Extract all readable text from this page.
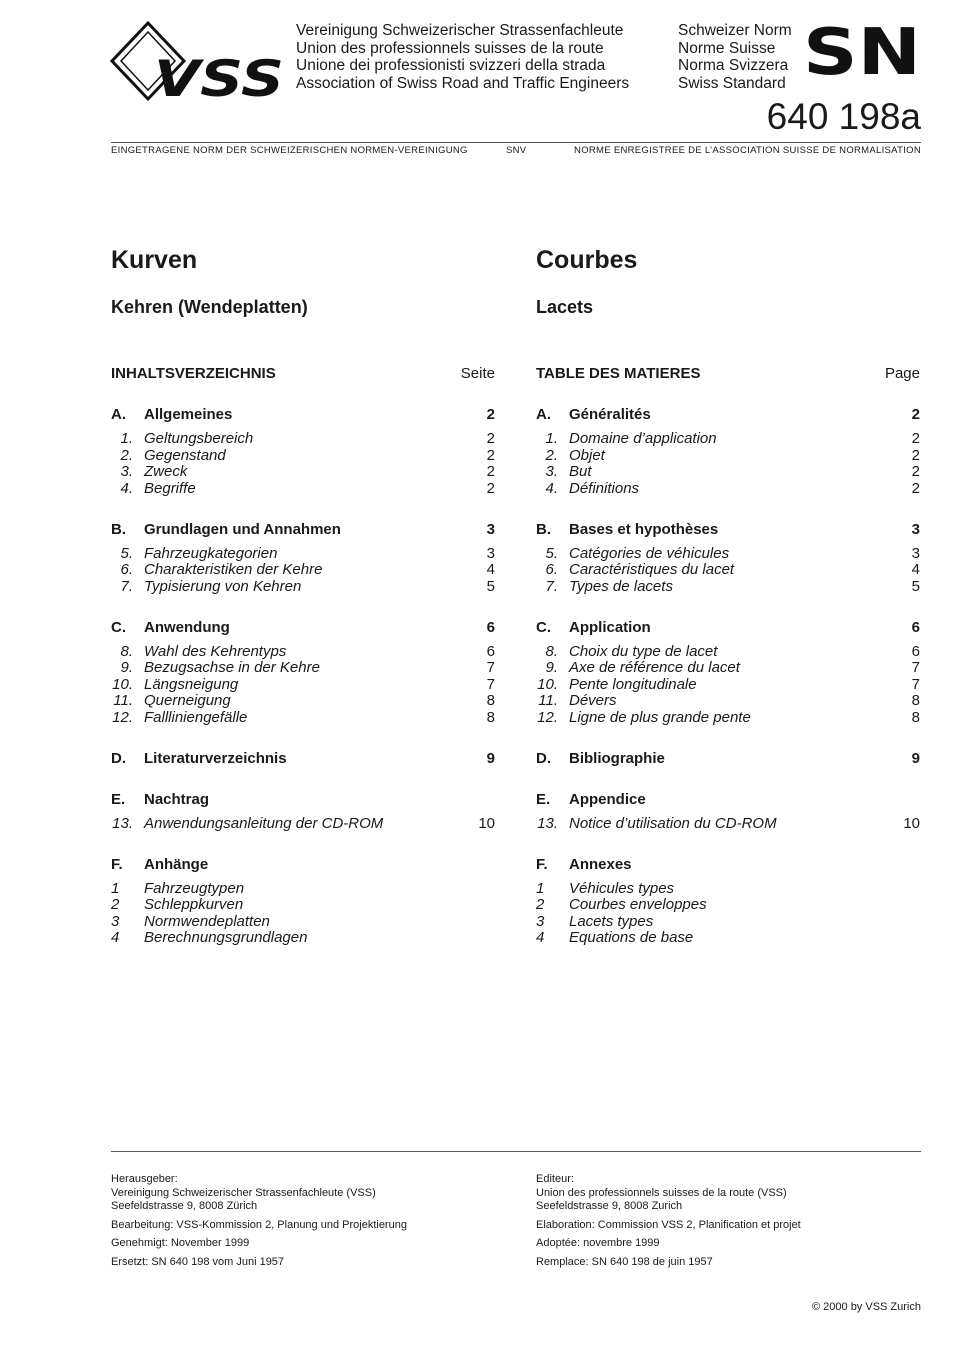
VSS
Vereinigung Schweizerischer Strassenfachleute
Union des professionnels suisses de la route
Unione dei professionisti svizzeri della strada
Association of Swiss Road and Traffic Engineers
Schweizer Norm
Norme Suisse
Norma Svizzera
Swiss Standard SN
640 198a
EINGETRAGENE NORM DER SCHWEIZERISCHEN NORMEN-VEREINIGUNG	SNV	NORME ENREGISTREE DE L’ASSOCIATION SUISSE DE NORMALISATION
Kurven	Courbes
Kehren (Wendeplatten)	Lacets
INHALTSVERZEICHNIS	Seite
A. Allgemeines	2
1. Geltungsbereich	2
2. Gegenstand	2
3. Zweck	2
4. Begriffe	2
B. Grundlagen und Annahmen	3
5. Fahrzeugkategorien	3
6. Charakteristiken der Kehre	4
7. Typisierung von Kehren	5
C. Anwendung	6
8. Wahl des Kehrentyps	6
9. Bezugsachse in der Kehre	7
10. Längsneigung	7
11. Querneigung	8
12. Fallliniengefälle	8
D. Literaturverzeichnis	9
E. Nachtrag
13. Anwendungsanleitung der CD-ROM	10
F. Anhänge
1 Fahrzeugtypen
2 Schleppkurven
3 Normwendeplatten
4 Berechnungsgrundlagen
TABLE DES MATIERES	Page
A. Généralités	2
1. Domaine d’application	2
2. Objet	2
3. But	2
4. Définitions	2
B. Bases et hypothèses	3
5. Catégories de véhicules	3
6. Caractéristiques du lacet	4
7. Types de lacets	5
C. Application	6
8. Choix du type de lacet	6
9. Axe de référence du lacet	7
10. Pente longitudinale	7
11. Dévers	8
12. Ligne de plus grande pente	8
D. Bibliographie	9
E. Appendice
13. Notice d’utilisation du CD-ROM	10
F. Annexes
1 Véhicules types
2 Courbes enveloppes
3 Lacets types
4 Equations de base
Herausgeber:
Vereinigung Schweizerischer Strassenfachleute (VSS)
Seefeldstrasse 9, 8008 Zürich
Bearbeitung: VSS-Kommission 2, Planung und Projektierung
Genehmigt: November 1999
Ersetzt: SN 640 198 vom Juni 1957
Editeur:
Union des professionnels suisses de la route (VSS)
Seefeldstrasse 9, 8008 Zurich
Elaboration: Commission VSS 2, Planification et projet
Adoptée: novembre 1999
Remplace: SN 640 198 de juin 1957
© 2000 by VSS Zurich
